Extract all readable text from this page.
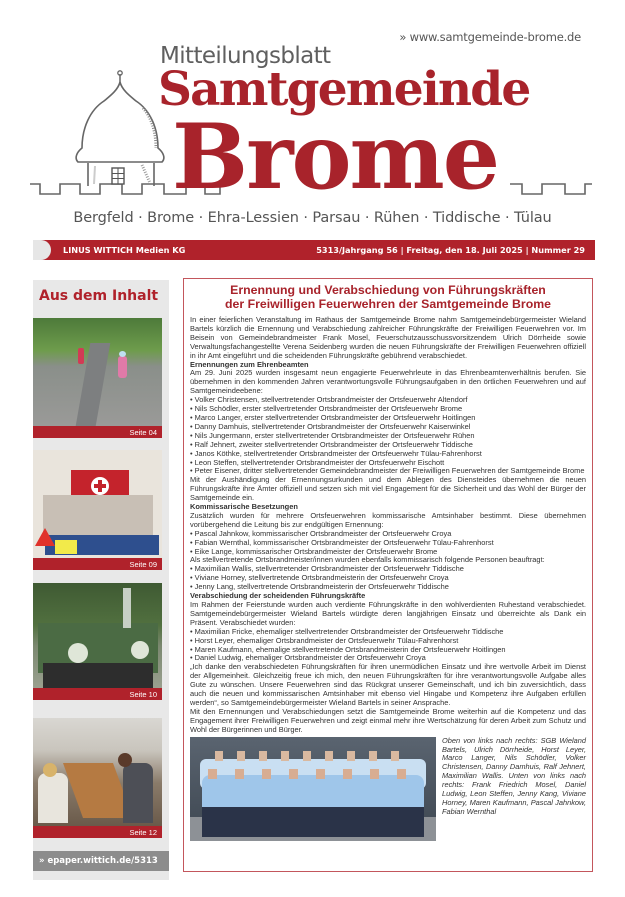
» www.samtgemeinde-brome.de
Mitteilungsblatt
Samtgemeinde
Brome
Bergfeld · Brome · Ehra-Lessien · Parsau · Rühen · Tiddische · Tülau
LINUS WITTICH Medien KG	5313/Jahrgang 56 | Freitag, den 18. Juli 2025 | Nummer 29
Aus dem Inhalt
Seite 04
Seite 09
Seite 10
Seite 12
» epaper.wittich.de/5313
Ernennung und Verabschiedung von Führungskräften
der Freiwilligen Feuerwehren der Samtgemeinde Brome

In einer feierlichen Veranstaltung im Rathaus der Samtgemeinde Brome nahm Samtgemeindebürgermeister Wieland Bartels kürzlich die Ernennung und Verabschiedung zahlreicher Führungskräfte der Freiwilligen Feuerwehren vor. Im Beisein von Gemeindebrandmeister Frank Mosel, Feuerschutzausschussvorsitzendem Ulrich Dörrheide sowie Verwaltungsfachangestellte Verena Seidenberg wurden die neuen Führungskräfte der Freiwilligen Feuerwehren offiziell in ihr Amt eingeführt und die scheidenden Führungskräfte gebührend verabschiedet.

Ernennungen zum Ehrenbeamten

Am 29. Juni 2025 wurden insgesamt neun engagierte Feuerwehrleute in das Ehrenbeamtenverhältnis berufen. Sie übernehmen in den kommenden Jahren verantwortungsvolle Führungsaufgaben in den örtlichen Feuerwehren und auf Samtgemeindeebene:

• Volker Christensen, stellvertretender Ortsbrandmeister der Ortsfeuerwehr Altendorf
• Nils Schödler, erster stellvertretender Ortsbrandmeister der Ortsfeuerwehr Brome
• Marco Langer, erster stellvertretender Ortsbrandmeister der Ortsfeuerwehr Hoitlingen
• Danny Damhuis, stellvertretender Ortsbrandmeister der Ortsfeuerwehr Kaiserwinkel
• Nils Jungermann, erster stellvertretender Ortsbrandmeister der Ortsfeuerwehr Rühen
• Ralf Jehnert, zweiter stellvertretender Ortsbrandmeister der Ortsfeuerwehr Tiddische
• Janos Köthke, stellvertretender Ortsbrandmeister der Ortsfeuerwehr Tülau-Fahrenhorst
• Leon Steffen, stellvertretender Ortsbrandmeister der Ortsfeuerwehr Eischott
• Peter Eisener, dritter stellvertretender Gemeindebrandmeister der Freiwilligen Feuerwehren der Samtgemeinde Brome

Mit der Aushändigung der Ernennungsurkunden und dem Ablegen des Diensteides übernehmen die neuen Führungskräfte ihre Ämter offiziell und setzen sich mit viel Engagement für die Sicherheit und das Wohl der Bürger der Samtgemeinde ein.

Kommissarische Besetzungen

Zusätzlich wurden für mehrere Ortsfeuerwehren kommissarische Amtsinhaber bestimmt. Diese übernehmen vorübergehend die Leitung bis zur endgültigen Ernennung:

• Pascal Jahnkow, kommissarischer Ortsbrandmeister der Ortsfeuerwehr Croya
• Fabian Wernthal, kommissarischer Ortsbrandmeister der Ortsfeuerwehr Tülau-Fahrenhorst
• Eike Lange, kommissarischer Ortsbrandmeister der Ortsfeuerwehr Brome

Als stellvertretende Ortsbrandmeister/innen wurden ebenfalls kommissarisch folgende Personen beauftragt:

• Maximilian Wallis, stellvertretender Ortsbrandmeister der Ortsfeuerwehr Tiddische
• Viviane Horney, stellvertretende Ortsbrandmeisterin der Ortsfeuerwehr Croya
• Jenny Lang, stellvertretende Ortsbrandmeisterin der Ortsfeuerwehr Tiddische
Verabschiedung der scheidenden Führungskräfte

Im Rahmen der Feierstunde wurden auch verdiente Führungskräfte in den wohlverdienten Ruhestand verabschiedet. Samtgemeindebürgermeister Wieland Bartels würdigte deren langjährigen Einsatz und überreichte als Dank ein Präsent. Verabschiedet wurden:

• Maximilian Fricke, ehemaliger stellvertretender Ortsbrandmeister der Ortsfeuerwehr Tiddische
• Horst Leyer, ehemaliger Ortsbrandmeister der Ortsfeuerwehr Tülau-Fahrenhorst
• Maren Kaufmann, ehemalige stellvertretende Ortsbrandmeisterin der Ortsfeuerwehr Hoitlingen
• Daniel Ludwig, ehemaliger Ortsbrandmeister der Ortsfeuerwehr Croya

„Ich danke den verabschiedeten Führungskräften für ihren unermüdlichen Einsatz und ihre wertvolle Arbeit im Dienst der Allgemeinheit. Gleichzeitig freue ich mich, den neuen Führungskräften für ihre verantwortungsvolle Aufgabe alles Gute zu wünschen. Unsere Feuerwehren sind das Rückgrat unserer Gemeinschaft, und ich bin zuversichtlich, dass auch die neuen und kommissarischen Amtsinhaber mit ebenso viel Hingabe und Kompetenz ihre Aufgaben erfüllen werden“, so Samtgemeindebürgermeister Wieland Bartels in seiner Ansprache.

Mit den Ernennungen und Verabschiedungen setzt die Samtgemeinde Brome weiterhin auf die Kompetenz und das Engagement ihrer Freiwilligen Feuerwehren und zeigt einmal mehr ihre Wertschätzung für deren Arbeit zum Schutz und Wohl der Bürgerinnen und Bürger.

Oben von links nach rechts: SGB Wieland Bartels, Ulrich Dörrheide, Horst Leyer, Marco Langer, Nils Schödler, Volker Christensen, Danny Damhuis, Ralf Jehnert, Maximilian Wallis. Unten von links nach rechts: Frank Friedrich Mosel, Daniel Ludwig, Leon Steffen, Jenny Kang, Viviane Horney, Maren Kaufmann, Pascal Jahnkow, Fabian Wernthal
